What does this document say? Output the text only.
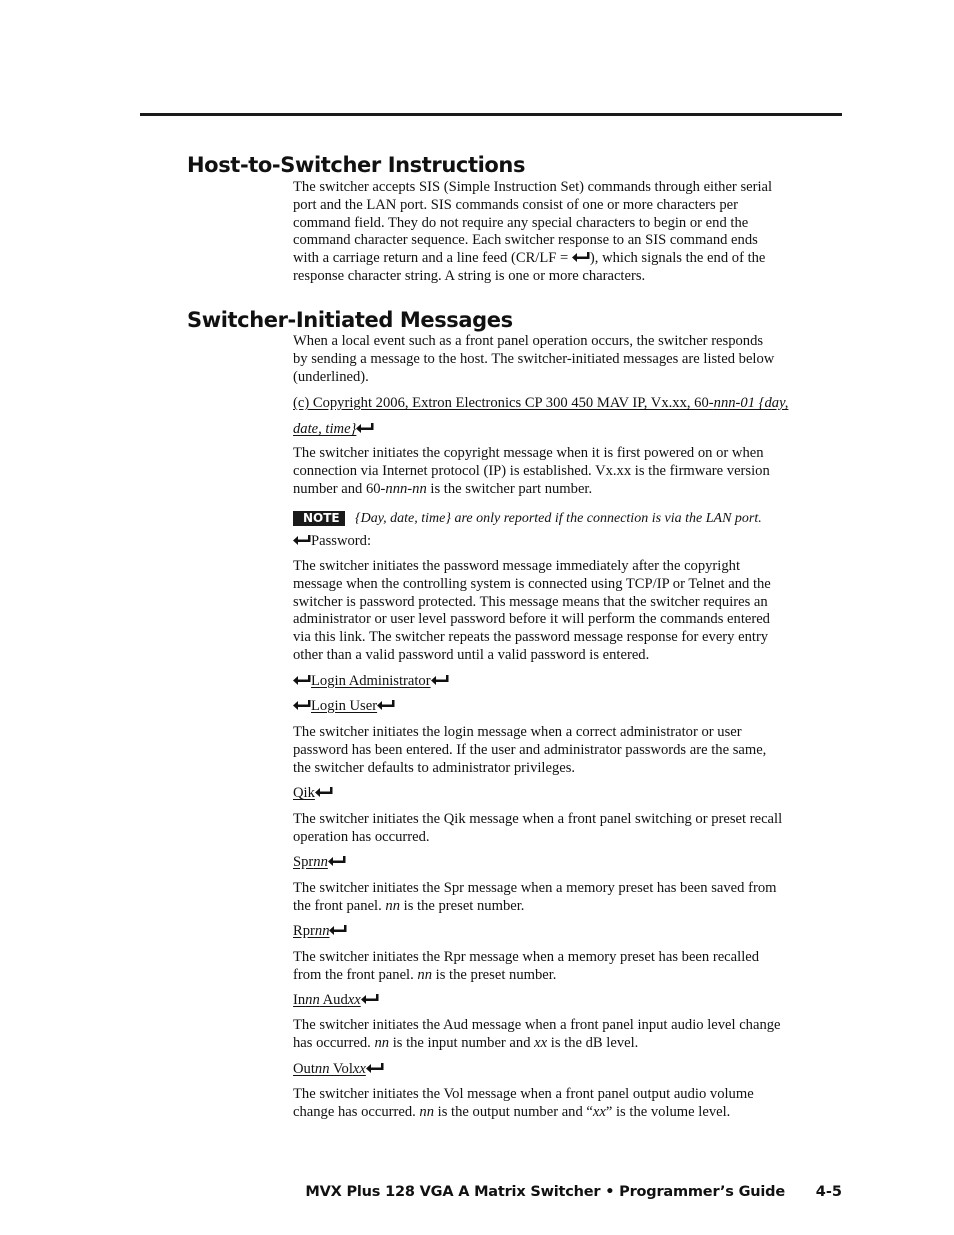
Host-to-Switcher Instructions
The switcher accepts SIS (Simple Instruction Set) commands through either serial
port and the LAN port. SIS commands consist of one or more characters per
command field. They do not require any special characters to begin or end the
command character sequence. Each switcher response to an SIS command ends
with a carriage return and a line feed (CR/LF = ), which signals the end of the
response character string. A string is one or more characters.
Switcher-Initiated Messages
When a local event such as a front panel operation occurs, the switcher responds
by sending a message to the host. The switcher-initiated messages are listed below
(underlined).
(c) Copyright 2006, Extron Electronics CP 300 450 MAV IP, Vx.xx, 60-nnn-01 {day,
date, time}
The switcher initiates the copyright message when it is first powered on or when
connection via Internet protocol (IP) is established. Vx.xx is the firmware version
number and 60-nnn-nn is the switcher part number.
NOTE {Day, date, time} are only reported if the connection is via the LAN port.
Password:
The switcher initiates the password message immediately after the copyright
message when the controlling system is connected using TCP/IP or Telnet and the
switcher is password protected. This message means that the switcher requires an
administrator or user level password before it will perform the commands entered
via this link. The switcher repeats the password message response for every entry
other than a valid password until a valid password is entered.
Login Administrator
Login User
The switcher initiates the login message when a correct administrator or user
password has been entered. If the user and administrator passwords are the same,
the switcher defaults to administrator privileges.
Qik
The switcher initiates the Qik message when a front panel switching or preset recall
operation has occurred.
Sprnn
The switcher initiates the Spr message when a memory preset has been saved from
the front panel. nn is the preset number.
Rprnn
The switcher initiates the Rpr message when a memory preset has been recalled
from the front panel. nn is the preset number.
Innn Audxx
The switcher initiates the Aud message when a front panel input audio level change
has occurred. nn is the input number and xx is the dB level.
Outnn Volxx
The switcher initiates the Vol message when a front panel output audio volume
change has occurred. nn is the output number and “xx” is the volume level.
MVX Plus 128 VGA A Matrix Switcher • Programmer’s Guide 4-5
